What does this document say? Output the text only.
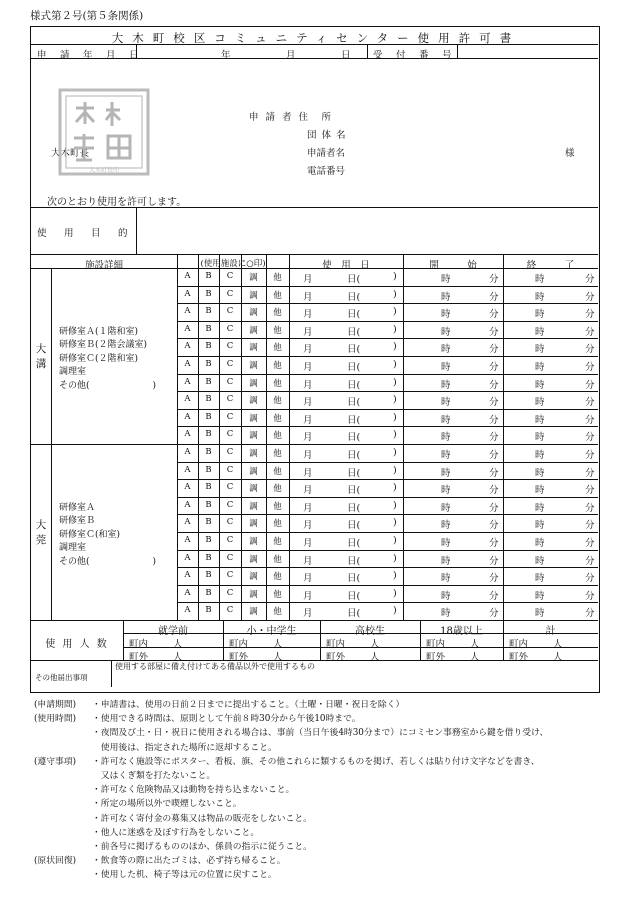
様式第２号(第５条関係)
大木町校区コミュニティセンター使用許可書
申　請　年　月　日	年	月	日 受　付　番　号
申 請 者 住　所
団 体 名
申請者名
電話番号
大木町長	様
次のとおり使用を許可します。
使　用　目　的
施設詳細	(使用施設に○印)	使　用　日	開　　　始	終　　　了
大
溝
研修室Ａ(１階和室)
研修室Ｂ(２階会議室)
研修室Ｃ(２階和室)
調理室
その他(　　　　　　　)
A	B	C	調	他	月	日(	)	時	分	時	分
A	B	C	調	他	月	日(	)	時	分	時	分
A	B	C	調	他	月	日(	)	時	分	時	分
A	B	C	調	他	月	日(	)	時	分	時	分
A	B	C	調	他	月	日(	)	時	分	時	分
A	B	C	調	他	月	日(	)	時	分	時	分
A	B	C	調	他	月	日(	)	時	分	時	分
A	B	C	調	他	月	日(	)	時	分	時	分
A	B	C	調	他	月	日(	)	時	分	時	分
A	B	C	調	他	月	日(	)	時	分	時	分
大
莞
研修室Ａ
研修室Ｂ
研修室Ｃ(和室)
調理室
その他(　　　　　　　)
A	B	C	調	他	月	日(	)	時	分	時	分
A	B	C	調	他	月	日(	)	時	分	時	分
A	B	C	調	他	月	日(	)	時	分	時	分
A	B	C	調	他	月	日(	)	時	分	時	分
A	B	C	調	他	月	日(	)	時	分	時	分
A	B	C	調	他	月	日(	)	時	分	時	分
A	B	C	調	他	月	日(	)	時	分	時	分
A	B	C	調	他	月	日(	)	時	分	時	分
A	B	C	調	他	月	日(	)	時	分	時	分
A	B	C	調	他	月	日(	)	時	分	時	分
使 用 人 数
就学前
町内	人
町外	人
小・中学生
町内	人
町外	人
高校生
町内	人
町外	人
18歳以上
町内	人
町外	人
計
町内	人
町外	人
その他届出事項
使用する部屋に備え付けてある備品以外で使用するもの
大木町長印
(申請期間)	・申請書は、使用の日前２日までに提出すること。（土曜・日曜・祝日を除く）
(使用時間)	・使用できる時間は、原則として午前８時30分から午後10時まで。
・夜間及び土・日・祝日に使用される場合は、事前（当日午後4時30分まで）にコミセン事務室から鍵を借り受け、
　使用後は、指定された場所に返却すること。
(遵守事項)	・許可なく施設等にポスター、看板、旗、その他これらに類するものを掲げ、若しくは貼り付け文字などを書き、
　又はくぎ類を打たないこと。
・許可なく危険物品又は動物を持ち込まないこと。
・所定の場所以外で喫煙しないこと。
・許可なく寄付金の募集又は物品の販売をしないこと。
・他人に迷惑を及ぼす行為をしないこと。
・前各号に掲げるもののほか、係員の指示に従うこと。
(原状回復)	・飲食等の際に出たゴミは、必ず持ち帰ること。
・使用した机、椅子等は元の位置に戻すこと。
